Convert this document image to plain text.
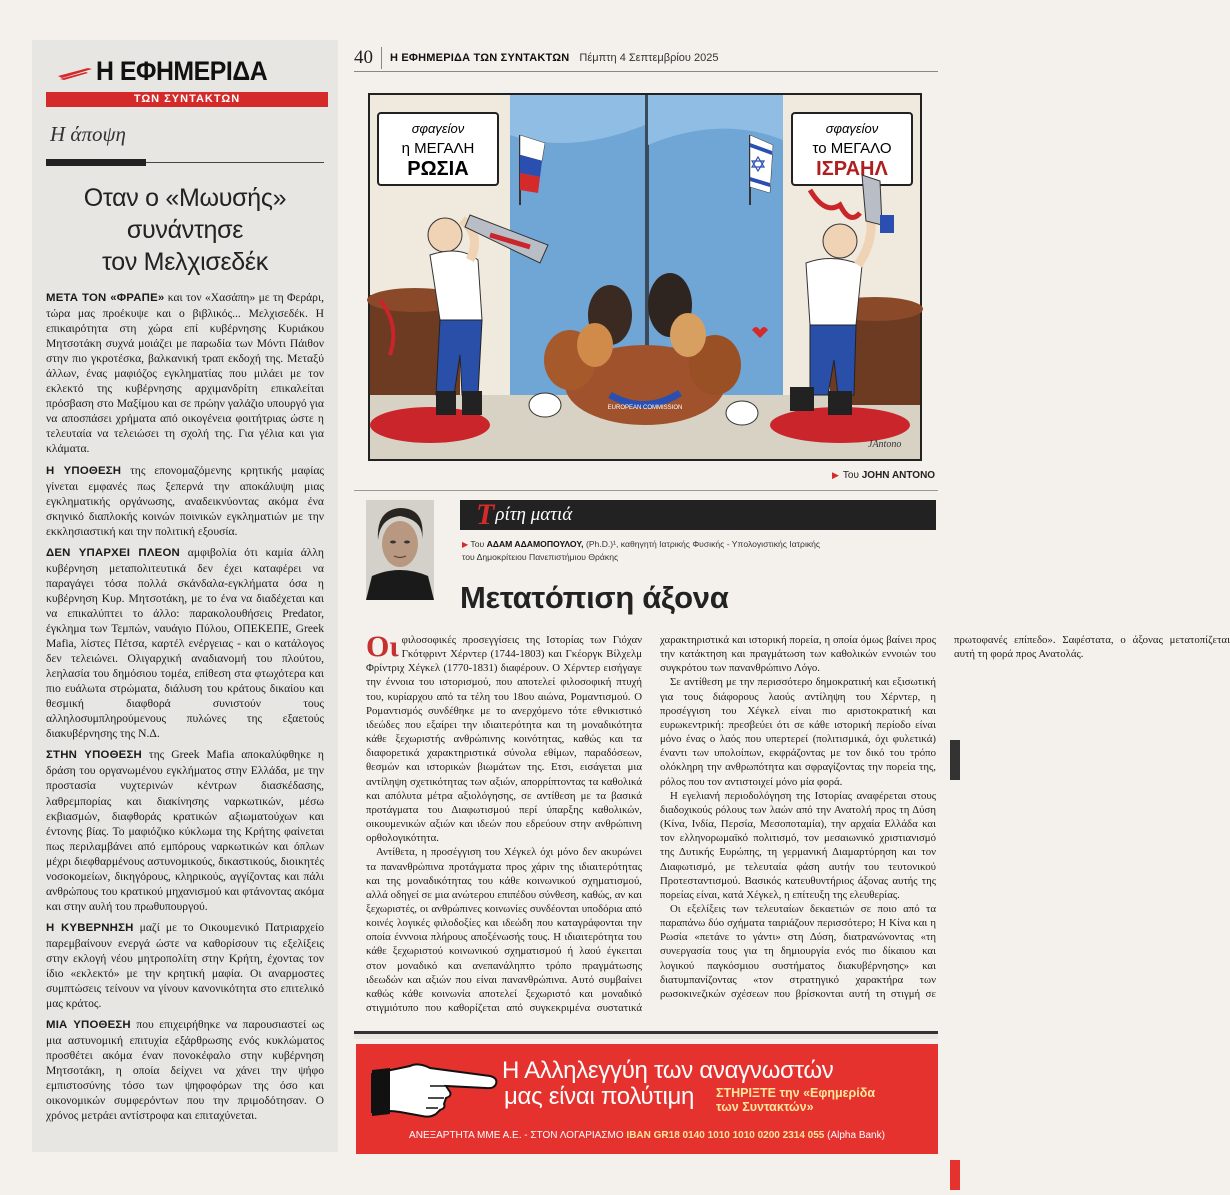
Η ΕΦΗΜΕΡΙΔΑ
ΤΩΝ ΣΥΝΤΑΚΤΩΝ
Η άποψη
Οταν ο «Μωυσής»
συνάντησε
τον Μελχισεδέκ

ΜΕΤΑ ΤΟΝ «ΦΡΑΠΕ» και τον «Χασάπη» με τη Φεράρι, τώρα μας προέκυψε και ο βιβλικός... Μελχισεδέκ. Η επικαιρότητα στη χώρα επί κυβέρνησης Κυριάκου Μητσοτάκη συχνά μοιάζει με παρωδία των Μόντι Πάιθον στην πιο γκροτέσκα, βαλκανική τραπ εκδοχή της. Μεταξύ άλλων, ένας μαφιόζος εγκληματίας που μιλάει με τον εκλεκτό της κυβέρνησης αρχιμανδρίτη επικαλείται πρόσβαση στο Μαξίμου και σε πρώην γαλάζιο υπουργό για να αποσπάσει χρήματα από οικογένεια φοιτήτριας ώστε η τελευταία να τελειώσει τη σχολή της. Για γέλια και για κλάματα.

Η ΥΠΟΘΕΣΗ της επονομαζόμενης κρητικής μαφίας γίνεται εμφανές πως ξεπερνά την αποκάλυψη μιας εγκληματικής οργάνωσης, αναδεικνύοντας ακόμα ένα σκηνικό διαπλοκής κοινών ποινικών εγκληματιών με την εκκλησιαστική και την πολιτική εξουσία.

ΔΕΝ ΥΠΑΡΧΕΙ ΠΛΕΟΝ αμφιβολία ότι καμία άλλη κυβέρνηση μεταπολιτευτικά δεν έχει καταφέρει να παραγάγει τόσα πολλά σκάνδαλα-εγκλήματα όσα η κυβέρνηση Κυρ. Μητσοτάκη, με το ένα να διαδέχεται και να επικαλύπτει το άλλο: παρακολουθήσεις Predator, έγκλημα των Τεμπών, ναυάγιο Πύλου, ΟΠΕΚΕΠΕ, Greek Mafia, λίστες Πέτσα, καρτέλ ενέργειας - και ο κατάλογος δεν τελειώνει. Ολιγαρχική αναδιανομή του πλούτου, λεηλασία του δημόσιου τομέα, επίθεση στα φτωχότερα και πιο ευάλωτα στρώματα, διάλυση του κράτους δικαίου και θεσμική διαφθορά συνιστούν τους αλληλοσυμπληρούμενους πυλώνες της εξαετούς διακυβέρνησης της Ν.Δ.

ΣΤΗΝ ΥΠΟΘΕΣΗ της Greek Mafia αποκαλύφθηκε η δράση του οργανωμένου εγκλήματος στην Ελλάδα, με την προστασία νυχτερινών κέντρων διασκέδασης, λαθρεμπορίας και διακίνησης ναρκωτικών, μέσω εκβιασμών, διαφθοράς κρατικών αξιωματούχων και έντονης βίας. Το μαφιόζικο κύκλωμα της Κρήτης φαίνεται πως περιλαμβάνει από εμπόρους ναρκωτικών και όπλων μέχρι διεφθαρμένους αστυνομικούς, δικαστικούς, διοικητές νοσοκομείων, δικηγόρους, κληρικούς, αγγίζοντας και πάλι ανθρώπους του κρατικού μηχανισμού και φτάνοντας ακόμα και στην αυλή του πρωθυπουργού.

Η ΚΥΒΕΡΝΗΣΗ μαζί με το Οικουμενικό Πατριαρχείο παρεμβαίνουν ενεργά ώστε να καθορίσουν τις εξελίξεις στην εκλογή νέου μητροπολίτη στην Κρήτη, έχοντας τον ίδιο «εκλεκτό» με την κρητική μαφία. Οι αναρμοστες συμπτώσεις τείνουν να γίνουν κανονικότητα στο επιτελικό μας κράτος.

ΜΙΑ ΥΠΟΘΕΣΗ που επιχειρήθηκε να παρουσιαστεί ως μια αστυνομική επιτυχία εξάρθρωσης ενός κυκλώματος προσθέτει ακόμα έναν πονοκέφαλο στην κυβέρνηση Μητσοτάκη, η οποία δείχνει να χάνει την ψήφο εμπιστοσύνης τόσο των ψηφοφόρων της όσο και οικονομικών συμφερόντων που την πριμοδότησαν. Ο χρόνος μετράει αντίστροφα και επιταχύνεται.

40	Η ΕΦΗΜΕΡΙΔΑ ΤΩΝ ΣΥΝΤΑΚΤΩΝ Πέμπτη 4 Σεπτεμβρίου 2025
σφαγείον
η ΜΕΓΑΛΗ
ΡΩΣΙΑ
σφαγείον
το ΜΕΓΑΛΟ
ΙΣΡΑΗΛ
EUROPEAN COMMISSION
JAntono
▶ Του JOHN ANTONO
Τ ρίτη ματιά
▶ Του ΑΔΑΜ ΑΔΑΜΟΠΟΥΛΟΥ, (Ph.D.)¹, καθηγητή Ιατρικής Φυσικής - Υπολογιστικής Ιατρικής
του Δημοκρίτειου Πανεπιστήμιου Θράκης
Μετατόπιση άξονα

Οι φιλοσοφικές προσεγγίσεις της Ιστορίας των Γιόχαν Γκότφριντ Χέρντερ (1744-1803) και Γκέοργκ Βίλχελμ Φρίντριχ Χέγκελ (1770-1831) διαφέρουν. Ο Χέρντερ εισήγαγε την έννοια του ιστορισμού, που αποτελεί φιλοσοφική πτυχή του, κυρίαρχου από τα τέλη του 18ου αιώνα, Ρομαντισμού. Ο Ρομαντισμός συνδέθηκε με το ανερχόμενο τότε εθνικιστικό ιδεώδες που εξαίρει την ιδιαιτερότητα και τη μοναδικότητα κάθε ξεχωριστής ανθρώπινης κοινότητας, καθώς και τα διαφορετικά χαρακτηριστικά σύνολα εθίμων, παραδόσεων, θεσμών και ιστορικών βιωμάτων της. Ετσι, εισάγεται μια αντίληψη σχετικότητας των αξιών, απορρίπτοντας τα καθολικά και απόλυτα μέτρα αξιολόγησης, σε αντίθεση με τα βασικά προτάγματα του Διαφωτισμού περί ύπαρξης καθολικών, οικουμενικών αξιών και ιδεών που εδρεύουν στην ανθρώπινη ορθολογικότητα.

Αντίθετα, η προσέγγιση του Χέγκελ όχι μόνο δεν ακυρώνει τα πανανθρώπινα προτάγματα προς χάριν της ιδιαιτερότητας και της μοναδικότητας του κάθε κοινωνικού σχηματισμού, αλλά οδηγεί σε μια ανώτερου επιπέδου σύνθεση, καθώς, αν και ξεχωριστές, οι ανθρώπινες κοινωνίες συνδέονται υποδόρια από κοινές λογικές φιλοδοξίες και ιδεώδη που καταγράφονται την οποία ένννοια πλήρους αποξένωσής τους. Η ιδιαιτερότητα του κάθε ξεχωριστού κοινωνικού σχηματισμού ή λαού έγκειται στον μοναδικό και ανεπανάληπτο τρόπο πραγμάτωσης ιδεωδών και αξιών που είναι πανανθρώπινα. Αυτό συμβαίνει καθώς κάθε κοινωνία αποτελεί ξεχωριστό και μοναδικό στιγμιότυπο που καθορίζεται από συγκεκριμένα συστατικά χαρακτηριστικά και ιστορική πορεία, η οποία όμως βαίνει προς την κατάκτηση και πραγμάτωση των καθολικών εννοιών του συγκρότου των πανανθρώπινο Λόγο.

Σε αντίθεση με την περισσότερο δημοκρατική και εξισωτική για τους διάφορους λαούς αντίληψη του Χέρντερ, η προσέγγιση του Χέγκελ είναι πιο αριστοκρατική και ευρωκεντρική: πρεσβεύει ότι σε κάθε ιστορική περίοδο είναι μόνο ένας ο λαός που υπερτερεί (πολιτισμικά, όχι φυλετικά) έναντι των υπολοίπων, εκφράζοντας με τον δικό του τρόπο ολόκληρη την ανθρωπότητα και σφραγίζοντας την πορεία της, ρόλος που τον αντιστοιχεί μόνο μία φορά.

Η εγελιανή περιοδολόγηση της Ιστορίας αναφέρεται στους διαδοχικούς ρόλους των λαών από την Ανατολή προς τη Δύση (Κίνα, Ινδία, Περσία, Μεσοποταμία), την αρχαία Ελλάδα και τον ελληνορωμαϊκό πολιτισμό, τον μεσαιωνικό χριστιανισμό της Δυτικής Ευρώπης, τη γερμανική Διαμαρτύρηση και τον Διαφωτισμό, με τελευταία φάση αυτήν του τευτονικού Προτεσταντισμού. Βασικός κατευθυντήριος άξονας αυτής της πορείας είναι, κατά Χέγκελ, η επίτευξη της ελευθερίας.

Οι εξελίξεις των τελευταίων δεκαετιών σε ποιο από τα παραπάνω δύο σχήματα ταιριάζουν περισσότερο; Η Κίνα και η Ρωσία «πετάνε το γάντι» στη Δύση, διατρανώνοντας «τη συνεργασία τους για τη δημιουργία ενός πιο δίκαιου και λογικού παγκόσμιου συστήματος διακυβέρνησης» και διατυμπανίζοντας «τον στρατηγικό χαρακτήρα των ρωσοκινεζικών σχέσεων που βρίσκονται αυτή τη στιγμή σε πρωτοφανές επίπεδο». Σαφέστατα, ο άξονας μετατοπίζεται αυτή τη φορά προς Ανατολάς.

Η Αλληλεγγύη των αναγνωστών
μας είναι πολύτιμη	ΣΤΗΡΙΞΤΕ την «Εφημερίδα
των Συντακτών»
ΑΝΕΞΑΡΤΗΤΑ ΜΜΕ Α.Ε. - ΣΤΟΝ ΛΟΓΑΡΙΑΣΜΟ IBAN GR18 0140 1010 1010 0200 2314 055 (Alpha Bank)
